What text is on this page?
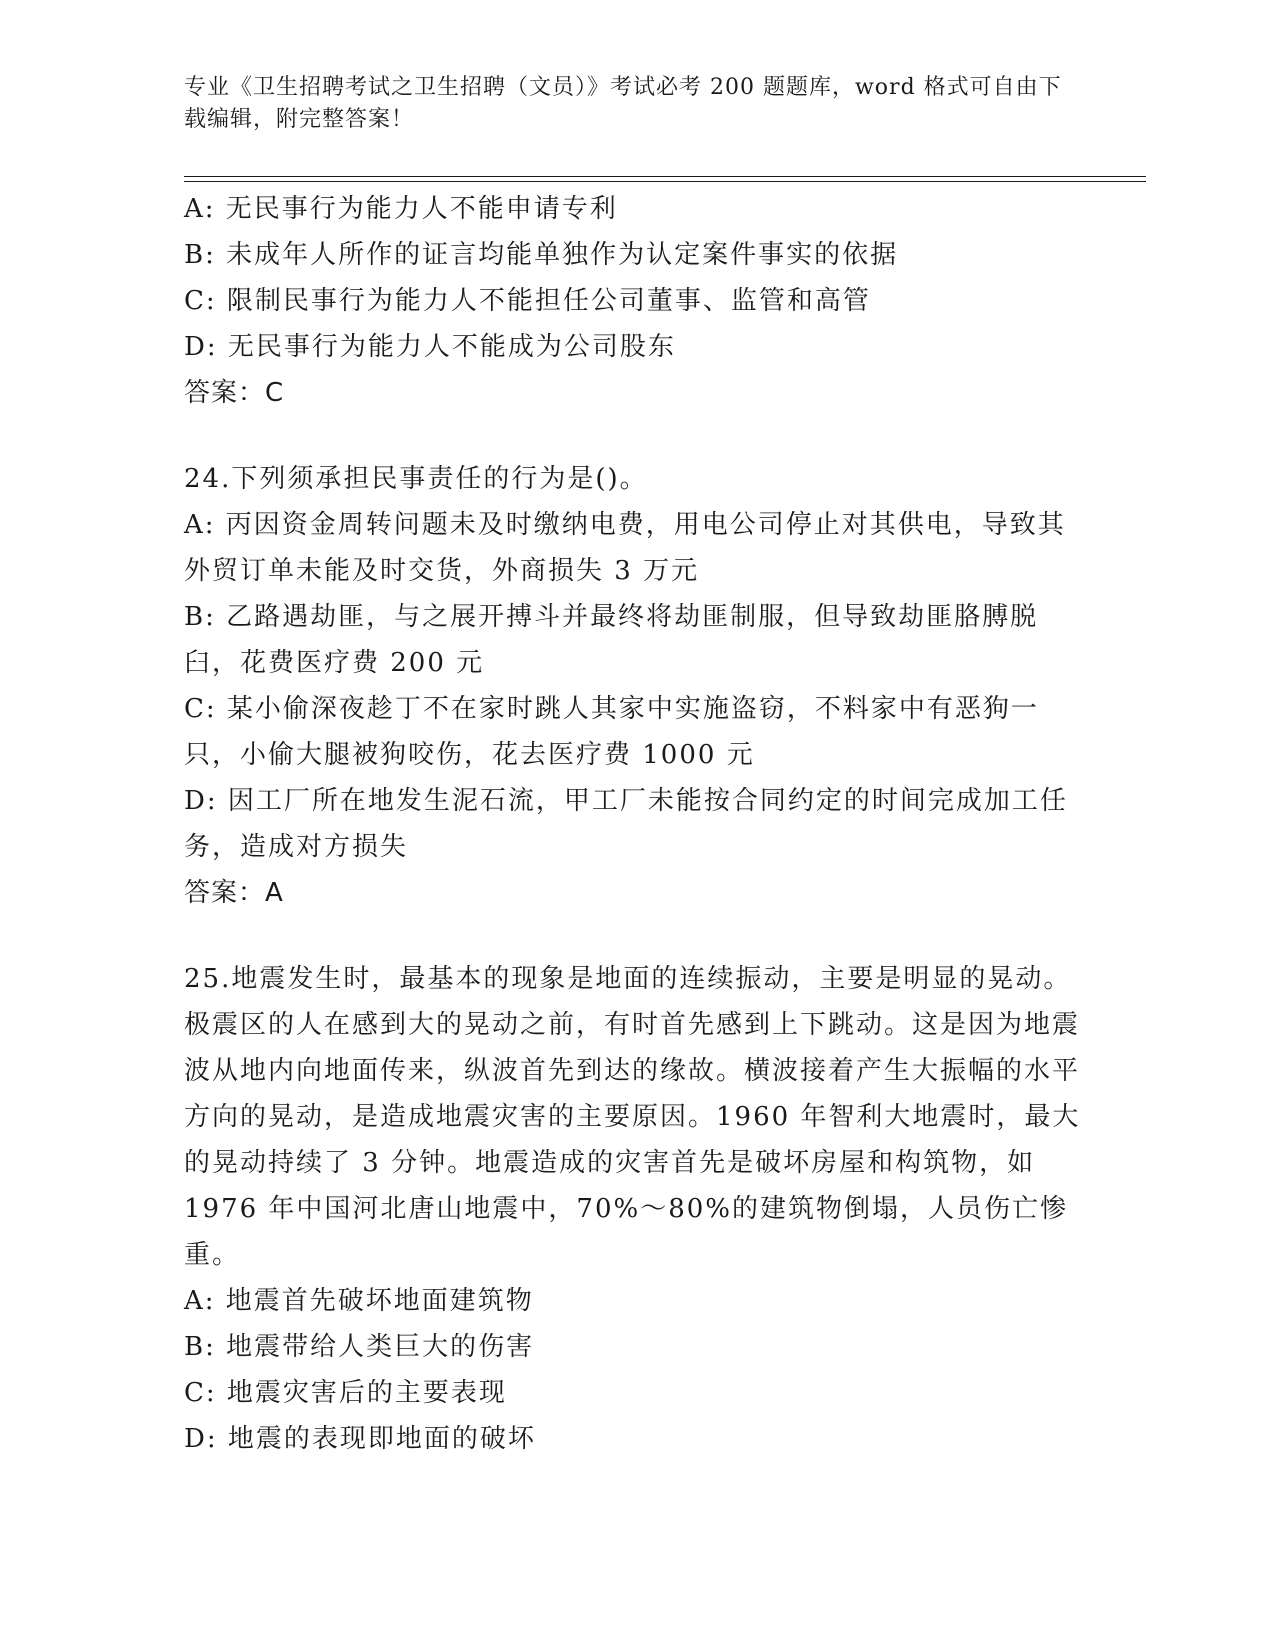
专业《卫生招聘考试之卫生招聘（文员）》考试必考 200 题题库，word 格式可自由下载编辑，附完整答案！
A: 无民事行为能力人不能申请专利
B: 未成年人所作的证言均能单独作为认定案件事实的依据
C: 限制民事行为能力人不能担任公司董事、监管和高管
D: 无民事行为能力人不能成为公司股东
答案：C
24.下列须承担民事责任的行为是()。
A: 丙因资金周转问题未及时缴纳电费，用电公司停止对其供电，导致其外贸订单未能及时交货，外商损失 3 万元
B: 乙路遇劫匪，与之展开搏斗并最终将劫匪制服，但导致劫匪胳膊脱臼，花费医疗费 200 元
C: 某小偷深夜趁丁不在家时跳人其家中实施盗窃，不料家中有恶狗一只，小偷大腿被狗咬伤，花去医疗费 1000 元
D: 因工厂所在地发生泥石流，甲工厂未能按合同约定的时间完成加工任务，造成对方损失
答案：A
25.地震发生时，最基本的现象是地面的连续振动，主要是明显的晃动。极震区的人在感到大的晃动之前，有时首先感到上下跳动。这是因为地震波从地内向地面传来，纵波首先到达的缘故。横波接着产生大振幅的水平方向的晃动，是造成地震灾害的主要原因。1960 年智利大地震时，最大的晃动持续了 3 分钟。地震造成的灾害首先是破坏房屋和构筑物，如 1976 年中国河北唐山地震中，70%～80%的建筑物倒塌，人员伤亡惨重。
A: 地震首先破坏地面建筑物
B: 地震带给人类巨大的伤害
C: 地震灾害后的主要表现
D: 地震的表现即地面的破坏
